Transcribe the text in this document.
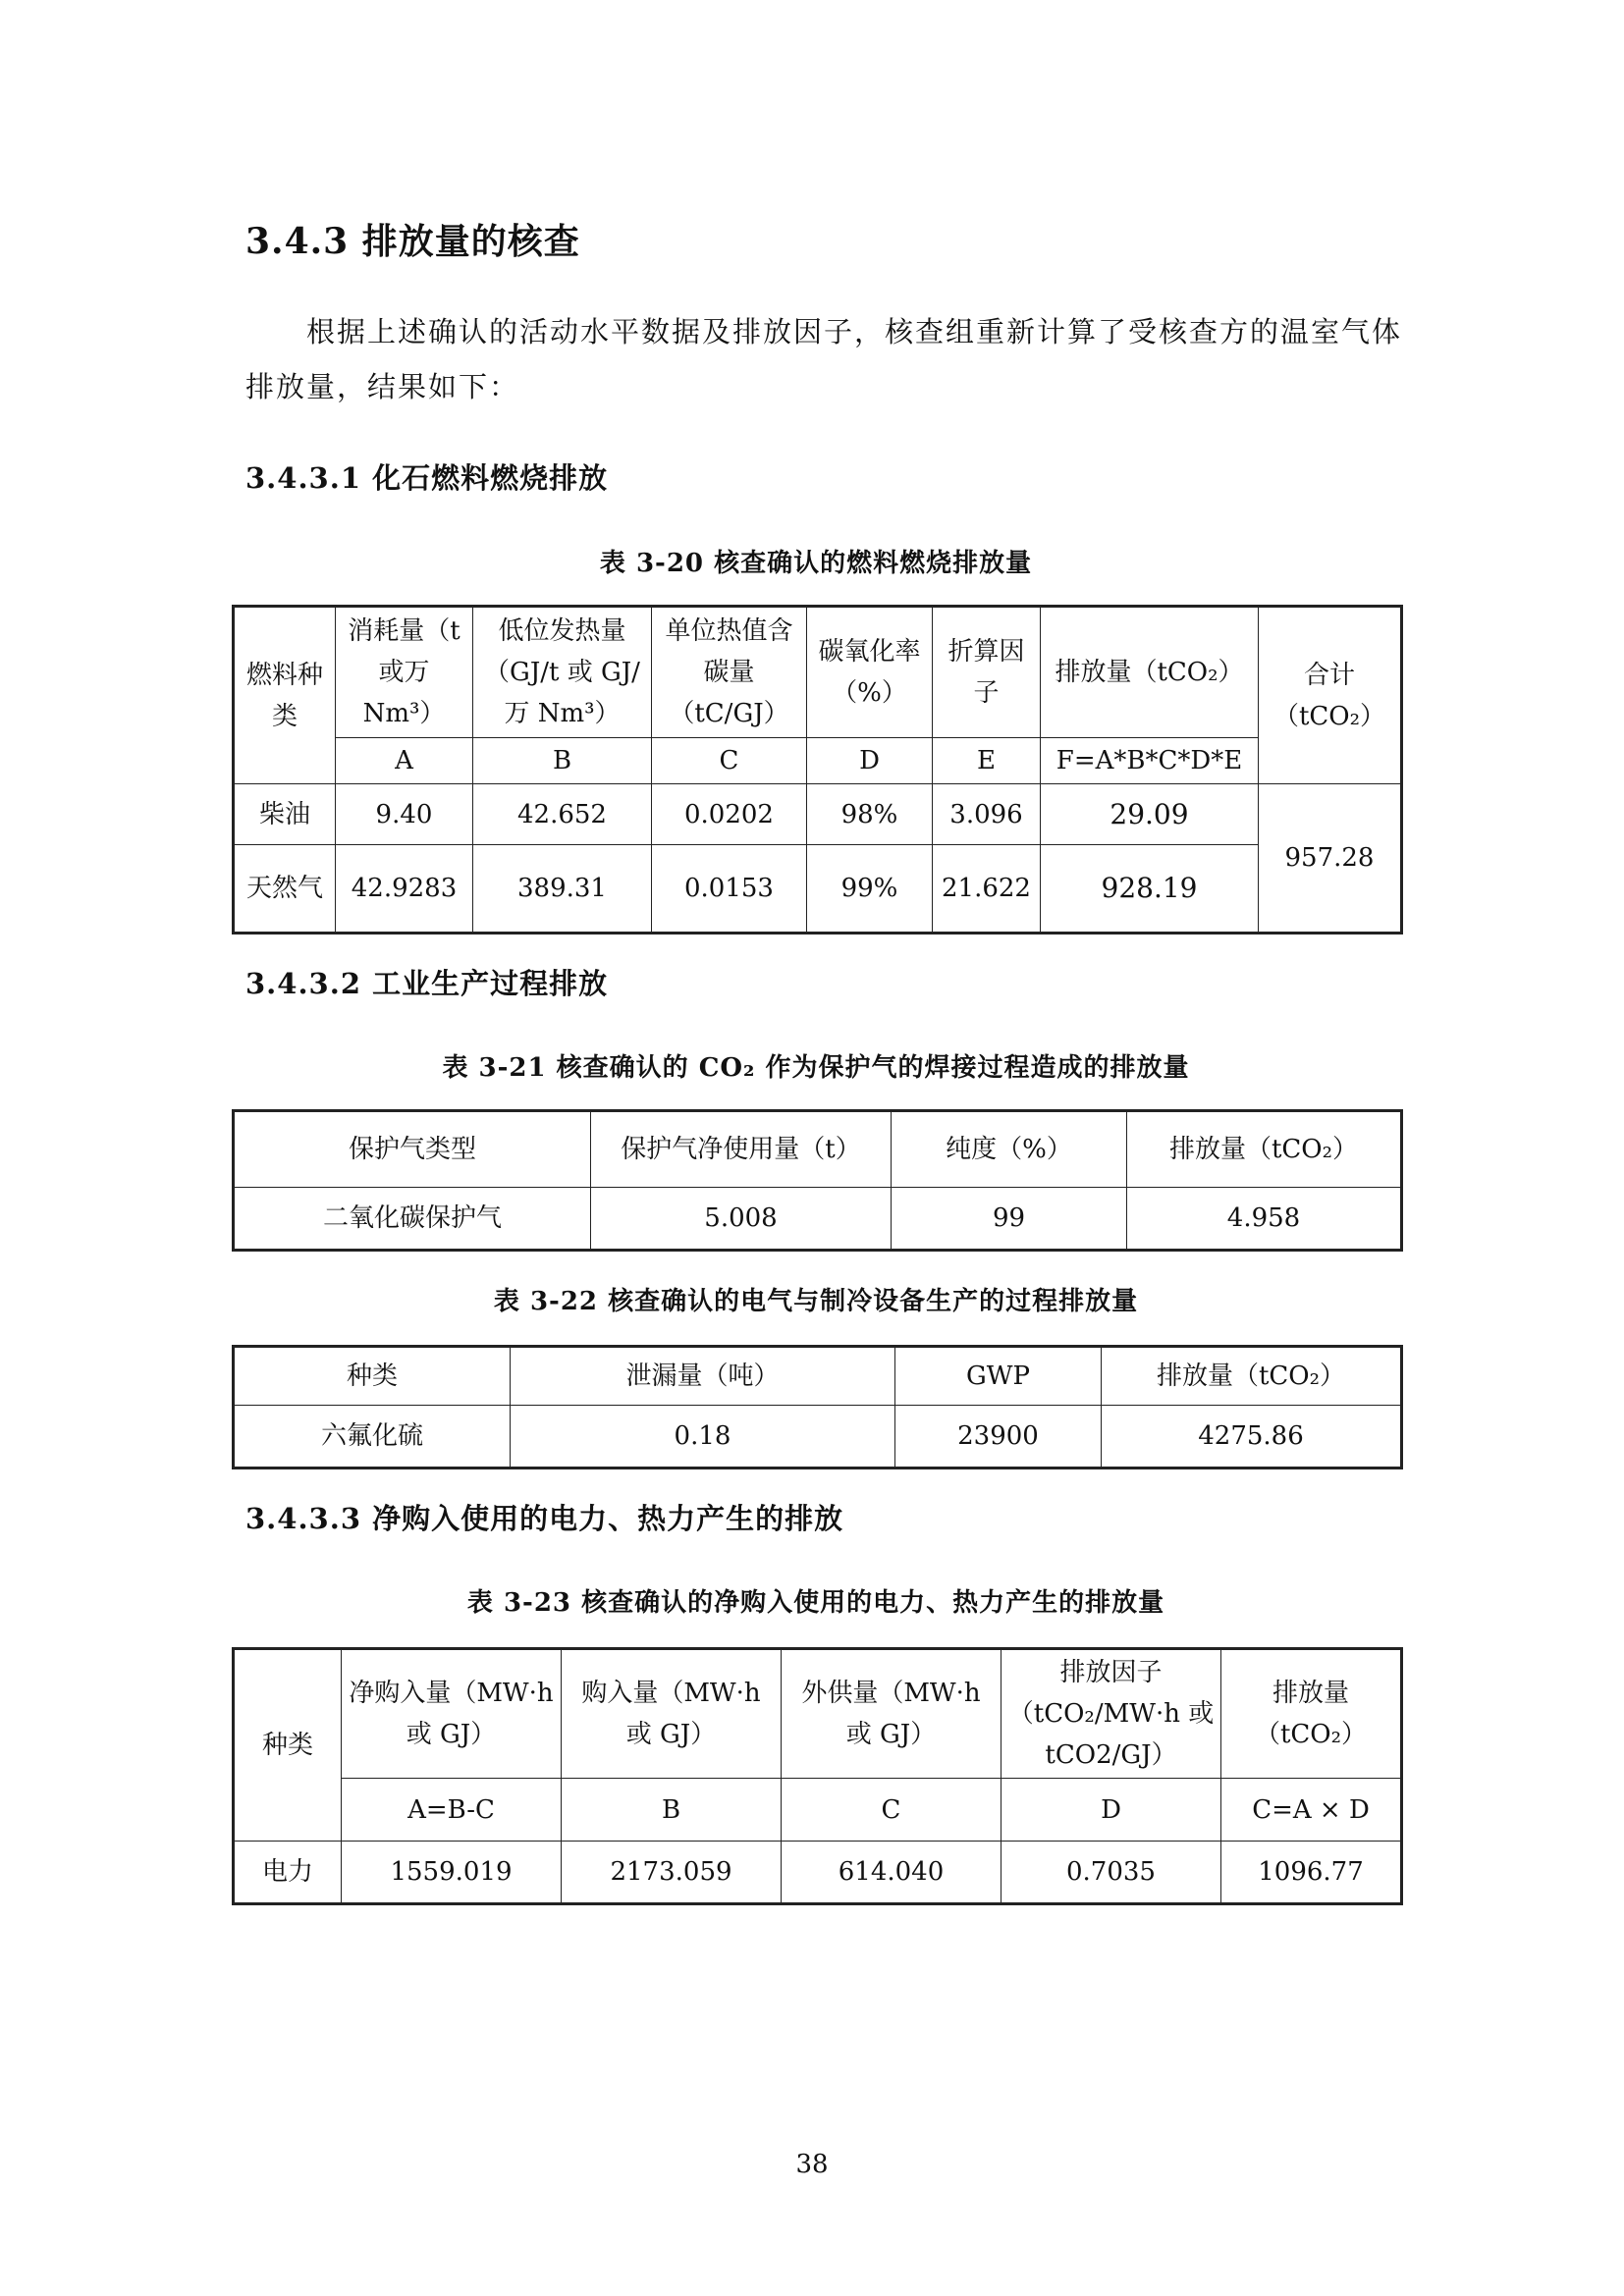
3.4.3 排放量的核查
根据上述确认的活动水平数据及排放因子，核查组重新计算了受核查方的温室气体排放量，结果如下：
3.4.3.1 化石燃料燃烧排放
表 3-20 核查确认的燃料燃烧排放量
燃料种类	消耗量（t 或万 Nm³）	低位发热量（GJ/t 或 GJ/万 Nm³）	单位热值含碳量（tC/GJ）	碳氧化率（%）	折算因子	排放量（tCO₂）	合计（tCO₂）
	A	B	C	D	E	F=A*B*C*D*E	
柴油	9.40	42.652	0.0202	98%	3.096	29.09	957.28
天然气	42.9283	389.31	0.0153	99%	21.622	928.19	
3.4.3.2 工业生产过程排放
表 3-21 核查确认的 CO₂ 作为保护气的焊接过程造成的排放量
保护气类型	保护气净使用量（t）	纯度（%）	排放量（tCO₂）
二氧化碳保护气	5.008	99	4.958
表 3-22 核查确认的电气与制冷设备生产的过程排放量
种类	泄漏量（吨）	GWP	排放量（tCO₂）
六氟化硫	0.18	23900	4275.86
3.4.3.3 净购入使用的电力、热力产生的排放
表 3-23 核查确认的净购入使用的电力、热力产生的排放量
种类	净购入量（MW·h 或 GJ）	购入量（MW·h 或 GJ）	外供量（MW·h 或 GJ）	排放因子（tCO₂/MW·h 或 tCO2/GJ）	排放量（tCO₂）
	A=B-C	B	C	D	C=A × D
电力	1559.019	2173.059	614.040	0.7035	1096.77
38
